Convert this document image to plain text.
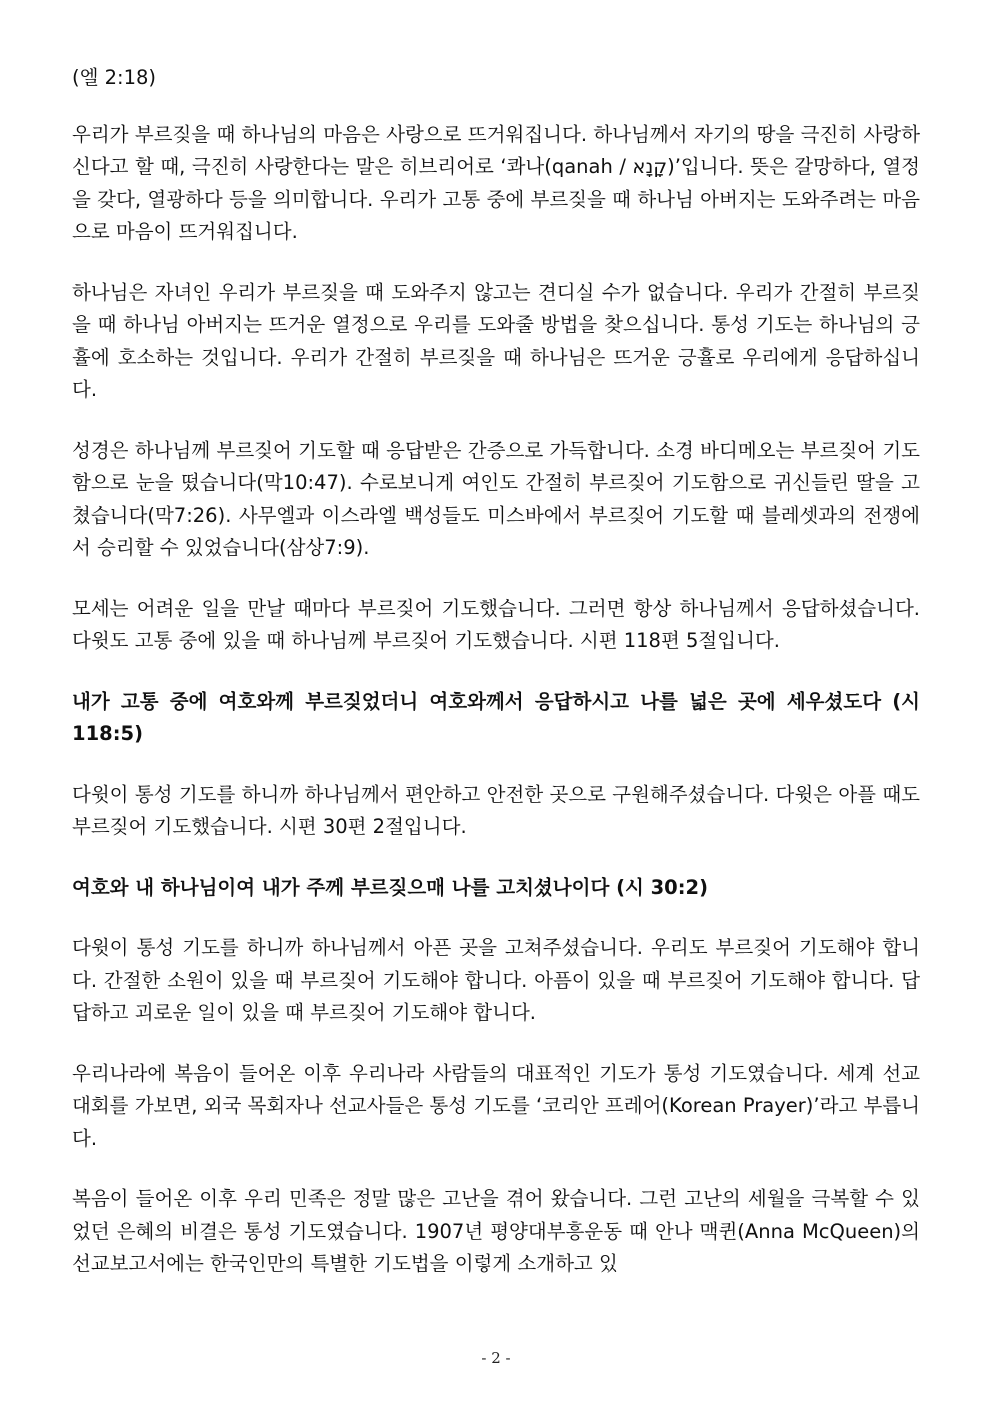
(엘 2:18)

우리가 부르짖을 때 하나님의 마음은 사랑으로 뜨거워집니다. 하나님께서 자기의 땅을 극진히 사랑하신다고 할 때, 극진히 사랑한다는 말은 히브리어로 ‘콰나(qanah / קָנָא)’입니다. 뜻은 갈망하다, 열정을 갖다, 열광하다 등을 의미합니다. 우리가 고통 중에 부르짖을 때 하나님 아버지는 도와주려는 마음으로 마음이 뜨거워집니다.

하나님은 자녀인 우리가 부르짖을 때 도와주지 않고는 견디실 수가 없습니다. 우리가 간절히 부르짖을 때 하나님 아버지는 뜨거운 열정으로 우리를 도와줄 방법을 찾으십니다. 통성 기도는 하나님의 긍휼에 호소하는 것입니다. 우리가 간절히 부르짖을 때 하나님은 뜨거운 긍휼로 우리에게 응답하십니다.

성경은 하나님께 부르짖어 기도할 때 응답받은 간증으로 가득합니다. 소경 바디메오는 부르짖어 기도함으로 눈을 떴습니다(막10:47). 수로보니게 여인도 간절히 부르짖어 기도함으로 귀신들린 딸을 고쳤습니다(막7:26). 사무엘과 이스라엘 백성들도 미스바에서 부르짖어 기도할 때 블레셋과의 전쟁에서 승리할 수 있었습니다(삼상7:9).

모세는 어려운 일을 만날 때마다 부르짖어 기도했습니다. 그러면 항상 하나님께서 응답하셨습니다. 다윗도 고통 중에 있을 때 하나님께 부르짖어 기도했습니다. 시편 118편 5절입니다.

내가 고통 중에 여호와께 부르짖었더니 여호와께서 응답하시고 나를 넓은 곳에 세우셨도다 (시 118:5)

다윗이 통성 기도를 하니까 하나님께서 편안하고 안전한 곳으로 구원해주셨습니다. 다윗은 아플 때도 부르짖어 기도했습니다. 시편 30편 2절입니다.

여호와 내 하나님이여 내가 주께 부르짖으매 나를 고치셨나이다 (시 30:2)

다윗이 통성 기도를 하니까 하나님께서 아픈 곳을 고쳐주셨습니다. 우리도 부르짖어 기도해야 합니다. 간절한 소원이 있을 때 부르짖어 기도해야 합니다. 아픔이 있을 때 부르짖어 기도해야 합니다. 답답하고 괴로운 일이 있을 때 부르짖어 기도해야 합니다.

우리나라에 복음이 들어온 이후 우리나라 사람들의 대표적인 기도가 통성 기도였습니다. 세계 선교 대회를 가보면, 외국 목회자나 선교사들은 통성 기도를 ‘코리안 프레어(Korean Prayer)’라고 부릅니다.

복음이 들어온 이후 우리 민족은 정말 많은 고난을 겪어 왔습니다. 그런 고난의 세월을 극복할 수 있었던 은혜의 비결은 통성 기도였습니다. 1907년 평양대부흥운동 때 안나 맥퀸(Anna McQueen)의 선교보고서에는 한국인만의 특별한 기도법을 이렇게 소개하고 있

- 2 -
